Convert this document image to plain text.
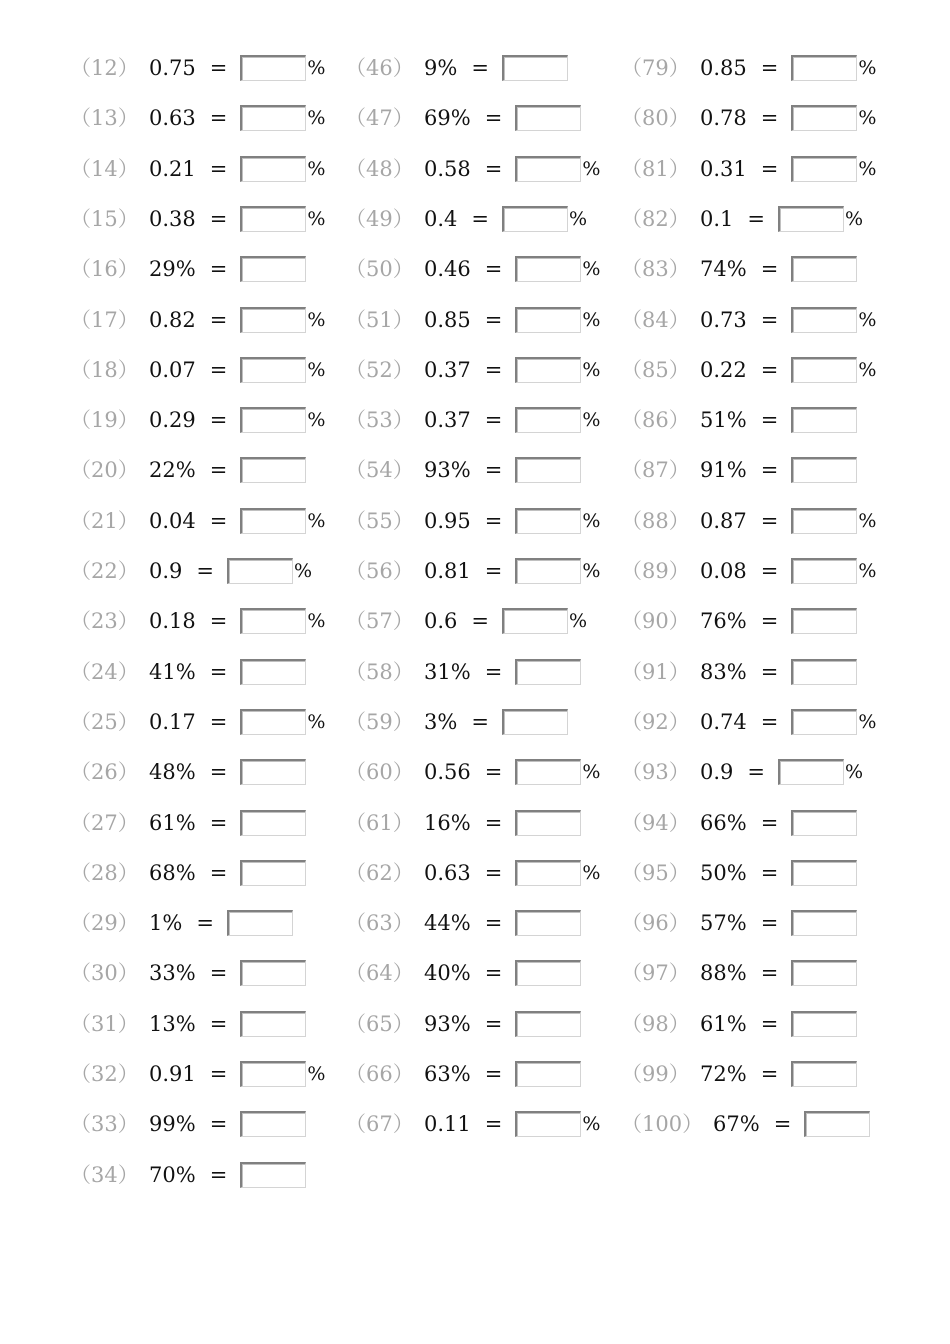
（12） 0.75 =	%
（13） 0.63 =	%
（14） 0.21 =	%
（15） 0.38 =	%
（16） 29% =
（17） 0.82 =	%
（18） 0.07 =	%
（19） 0.29 =	%
（20） 22% =
（21） 0.04 =	%
（22） 0.9 =	%
（23） 0.18 =	%
（24） 41% =
（25） 0.17 =	%
（26） 48% =
（27） 61% =
（28） 68% =
（29） 1% =
（30） 33% =
（31） 13% =
（32） 0.91 =	%
（33） 99% =
（34） 70% =
（46） 9% =
（47） 69% =
（48） 0.58 =	%
（49） 0.4 =	%
（50） 0.46 =	%
（51） 0.85 =	%
（52） 0.37 =	%
（53） 0.37 =	%
（54） 93% =
（55） 0.95 =	%
（56） 0.81 =	%
（57） 0.6 =	%
（58） 31% =
（59） 3% =
（60） 0.56 =	%
（61） 16% =
（62） 0.63 =	%
（63） 44% =
（64） 40% =
（65） 93% =
（66） 63% =
（67） 0.11 =	%
（79） 0.85 =	%
（80） 0.78 =	%
（81） 0.31 =	%
（82） 0.1 =	%
（83） 74% =
（84） 0.73 =	%
（85） 0.22 =	%
（86） 51% =
（87） 91% =
（88） 0.87 =	%
（89） 0.08 =	%
（90） 76% =
（91） 83% =
（92） 0.74 =	%
（93） 0.9 =	%
（94） 66% =
（95） 50% =
（96） 57% =
（97） 88% =
（98） 61% =
（99） 72% =
（100） 67% =
